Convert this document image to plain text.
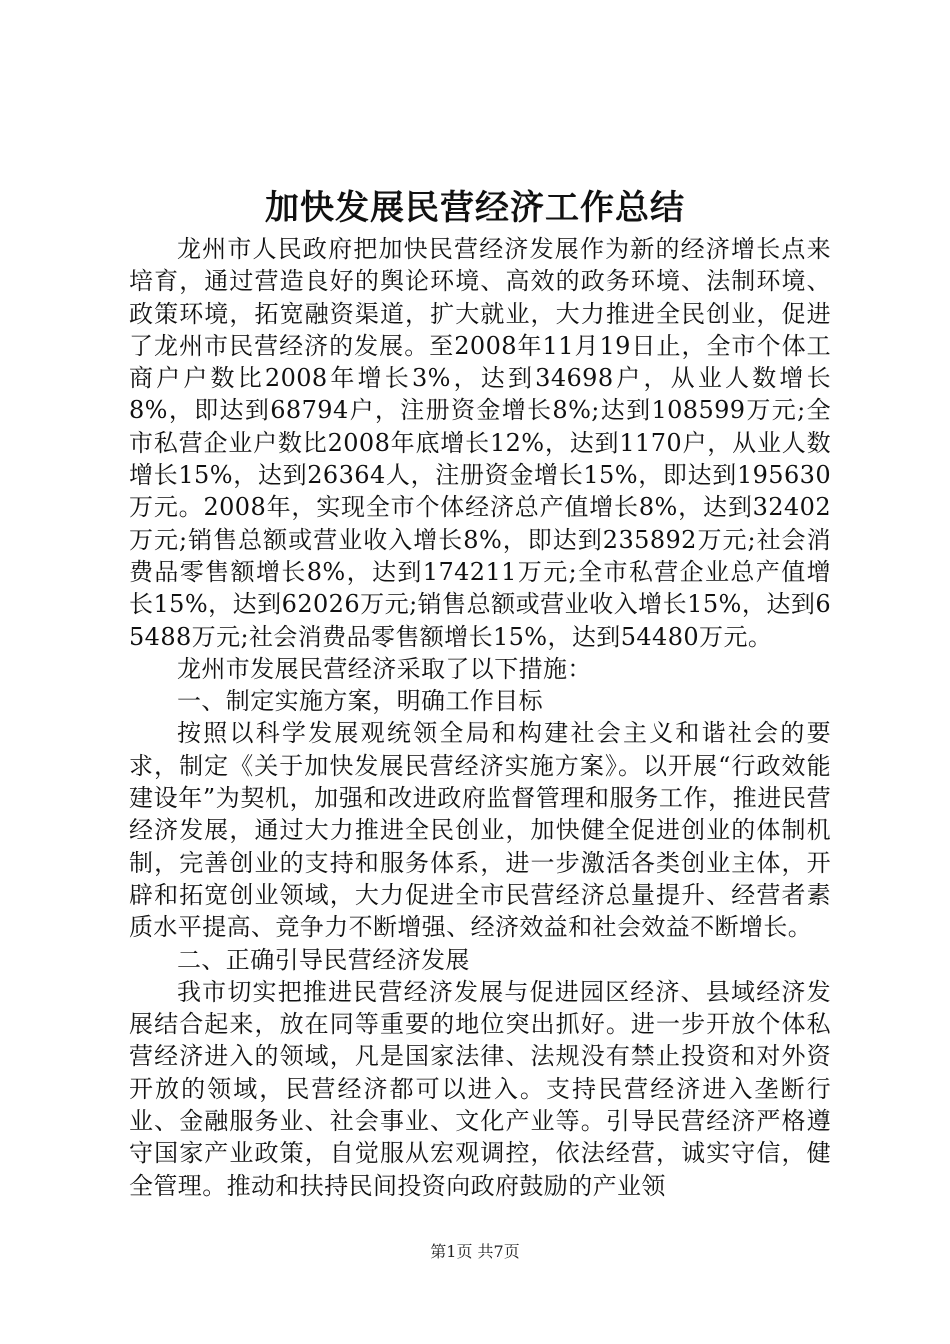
加快发展民营经济工作总结

龙州市人民政府把加快民营经济发展作为新的经济增长点来培育，通过营造良好的舆论环境、高效的政务环境、法制环境、政策环境，拓宽融资渠道，扩大就业，大力推进全民创业，促进了龙州市民营经济的发展。至2008年11月19日止，全市个体工商户户数比2008年增长3%，达到34698户，从业人数增长8%，即达到68794户，注册资金增长8%;达到108599万元;全市私营企业户数比2008年底增长12%，达到1170户，从业人数增长15%，达到26364人，注册资金增长15%，即达到195630万元。2008年，实现全市个体经济总产值增长8%，达到32402万元;销售总额或营业收入增长8%，即达到235892万元;社会消费品零售额增长8%，达到174211万元;全市私营企业总产值增长15%，达到62026万元;销售总额或营业收入增长15%，达到65488万元;社会消费品零售额增长15%，达到54480万元。

龙州市发展民营经济采取了以下措施：

一、制定实施方案，明确工作目标

按照以科学发展观统领全局和构建社会主义和谐社会的要求，制定《关于加快发展民营经济实施方案》。以开展“行政效能建设年”为契机，加强和改进政府监督管理和服务工作，推进民营经济发展，通过大力推进全民创业，加快健全促进创业的体制机制，完善创业的支持和服务体系，进一步激活各类创业主体，开辟和拓宽创业领域，大力促进全市民营经济总量提升、经营者素质水平提高、竞争力不断增强、经济效益和社会效益不断增长。

二、正确引导民营经济发展

我市切实把推进民营经济发展与促进园区经济、县域经济发展结合起来，放在同等重要的地位突出抓好。进一步开放个体私营经济进入的领域，凡是国家法律、法规没有禁止投资和对外资开放的领域，民营经济都可以进入。支持民营经济进入垄断行业、金融服务业、社会事业、文化产业等。引导民营经济严格遵守国家产业政策，自觉服从宏观调控，依法经营，诚实守信，健全管理。推动和扶持民间投资向政府鼓励的产业领

第1页 共7页
